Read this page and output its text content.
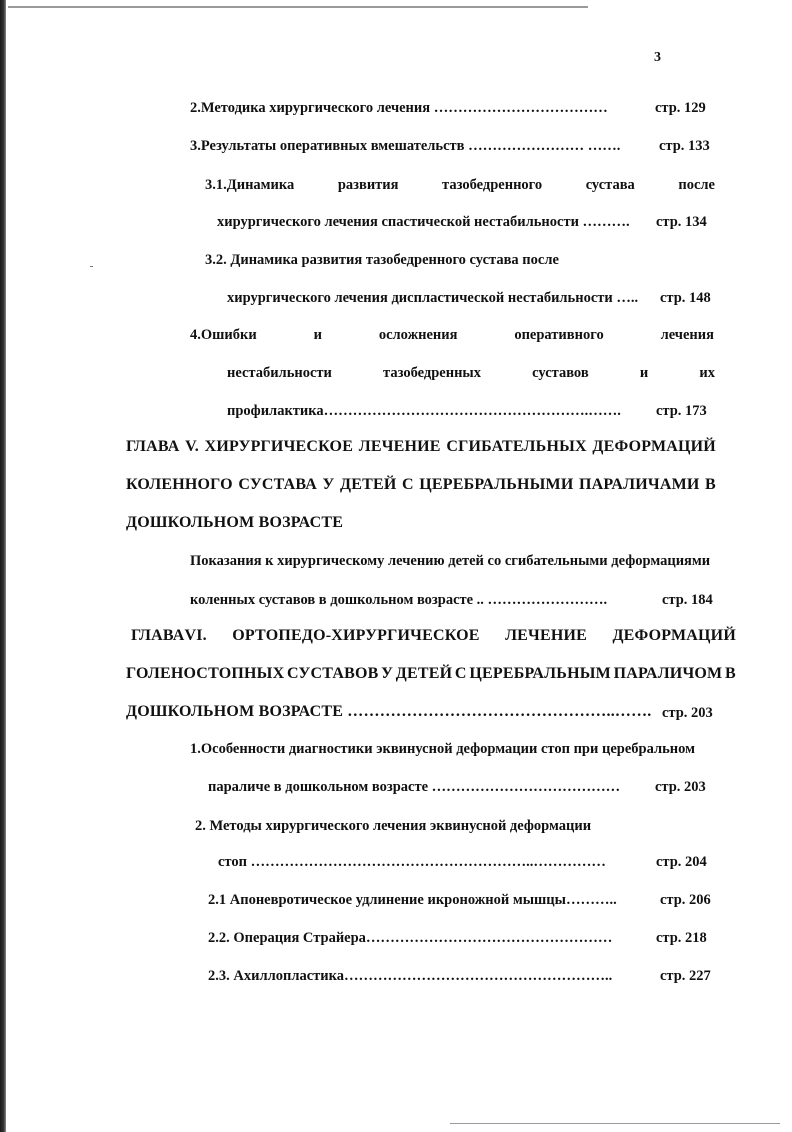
3
2.Методика хирургического лечения ………………………………	стр. 129
3.Результаты оперативных вмешательств …………………… …….	стр. 133
3.1.Динамика	развития	тазобедренного	сустава	после
хирургического лечения спастической нестабильности ………. стр. 134
3.2. Динамика развития тазобедренного сустава после
хирургического лечения диспластической нестабильности ….. стр. 148
4.Ошибки	и	осложнения	оперативного	лечения
нестабильности	тазобедренных	суставов	и	их
профилактика……………………………………………….……. стр. 173
ГЛАВА V. ХИРУРГИЧЕСКОЕ ЛЕЧЕНИЕ СГИБАТЕЛЬНЫХ ДЕФОРМАЦИЙ
КОЛЕННОГО СУСТАВА У ДЕТЕЙ С ЦЕРЕБРАЛЬНЫМИ ПАРАЛИЧАМИ В
ДОШКОЛЬНОМ ВОЗРАСТЕ
Показания к хирургическому лечению детей со сгибательными деформациями
коленных суставов в дошкольном возрасте .. …………………….	стр. 184
ГЛАВАVI. ОРТОПЕДО-ХИРУРГИЧЕСКОЕ ЛЕЧЕНИЕ ДЕФОРМАЦИЙ
ГОЛЕНОСТОПНЫХ СУСТАВОВ У ДЕТЕЙ С ЦЕРЕБРАЛЬНЫМ ПАРАЛИЧОМ В
ДОШКОЛЬНОМ ВОЗРАСТЕ …………………………………………..……. стр. 203
1.Особенности диагностики эквинусной деформации стоп при церебральном
параличе в дошкольном возрасте ………………………………… стр. 203
2. Методы хирургического лечения эквинусной деформации
стоп …………………………………………………..……………	стр. 204
2.1 Апоневротическое удлинение икроножной мышцы………..	стр. 206
2.2. Операция Страйера……………………………………………	стр. 218
2.3. Ахиллопластика………………………………………………..	стр. 227
